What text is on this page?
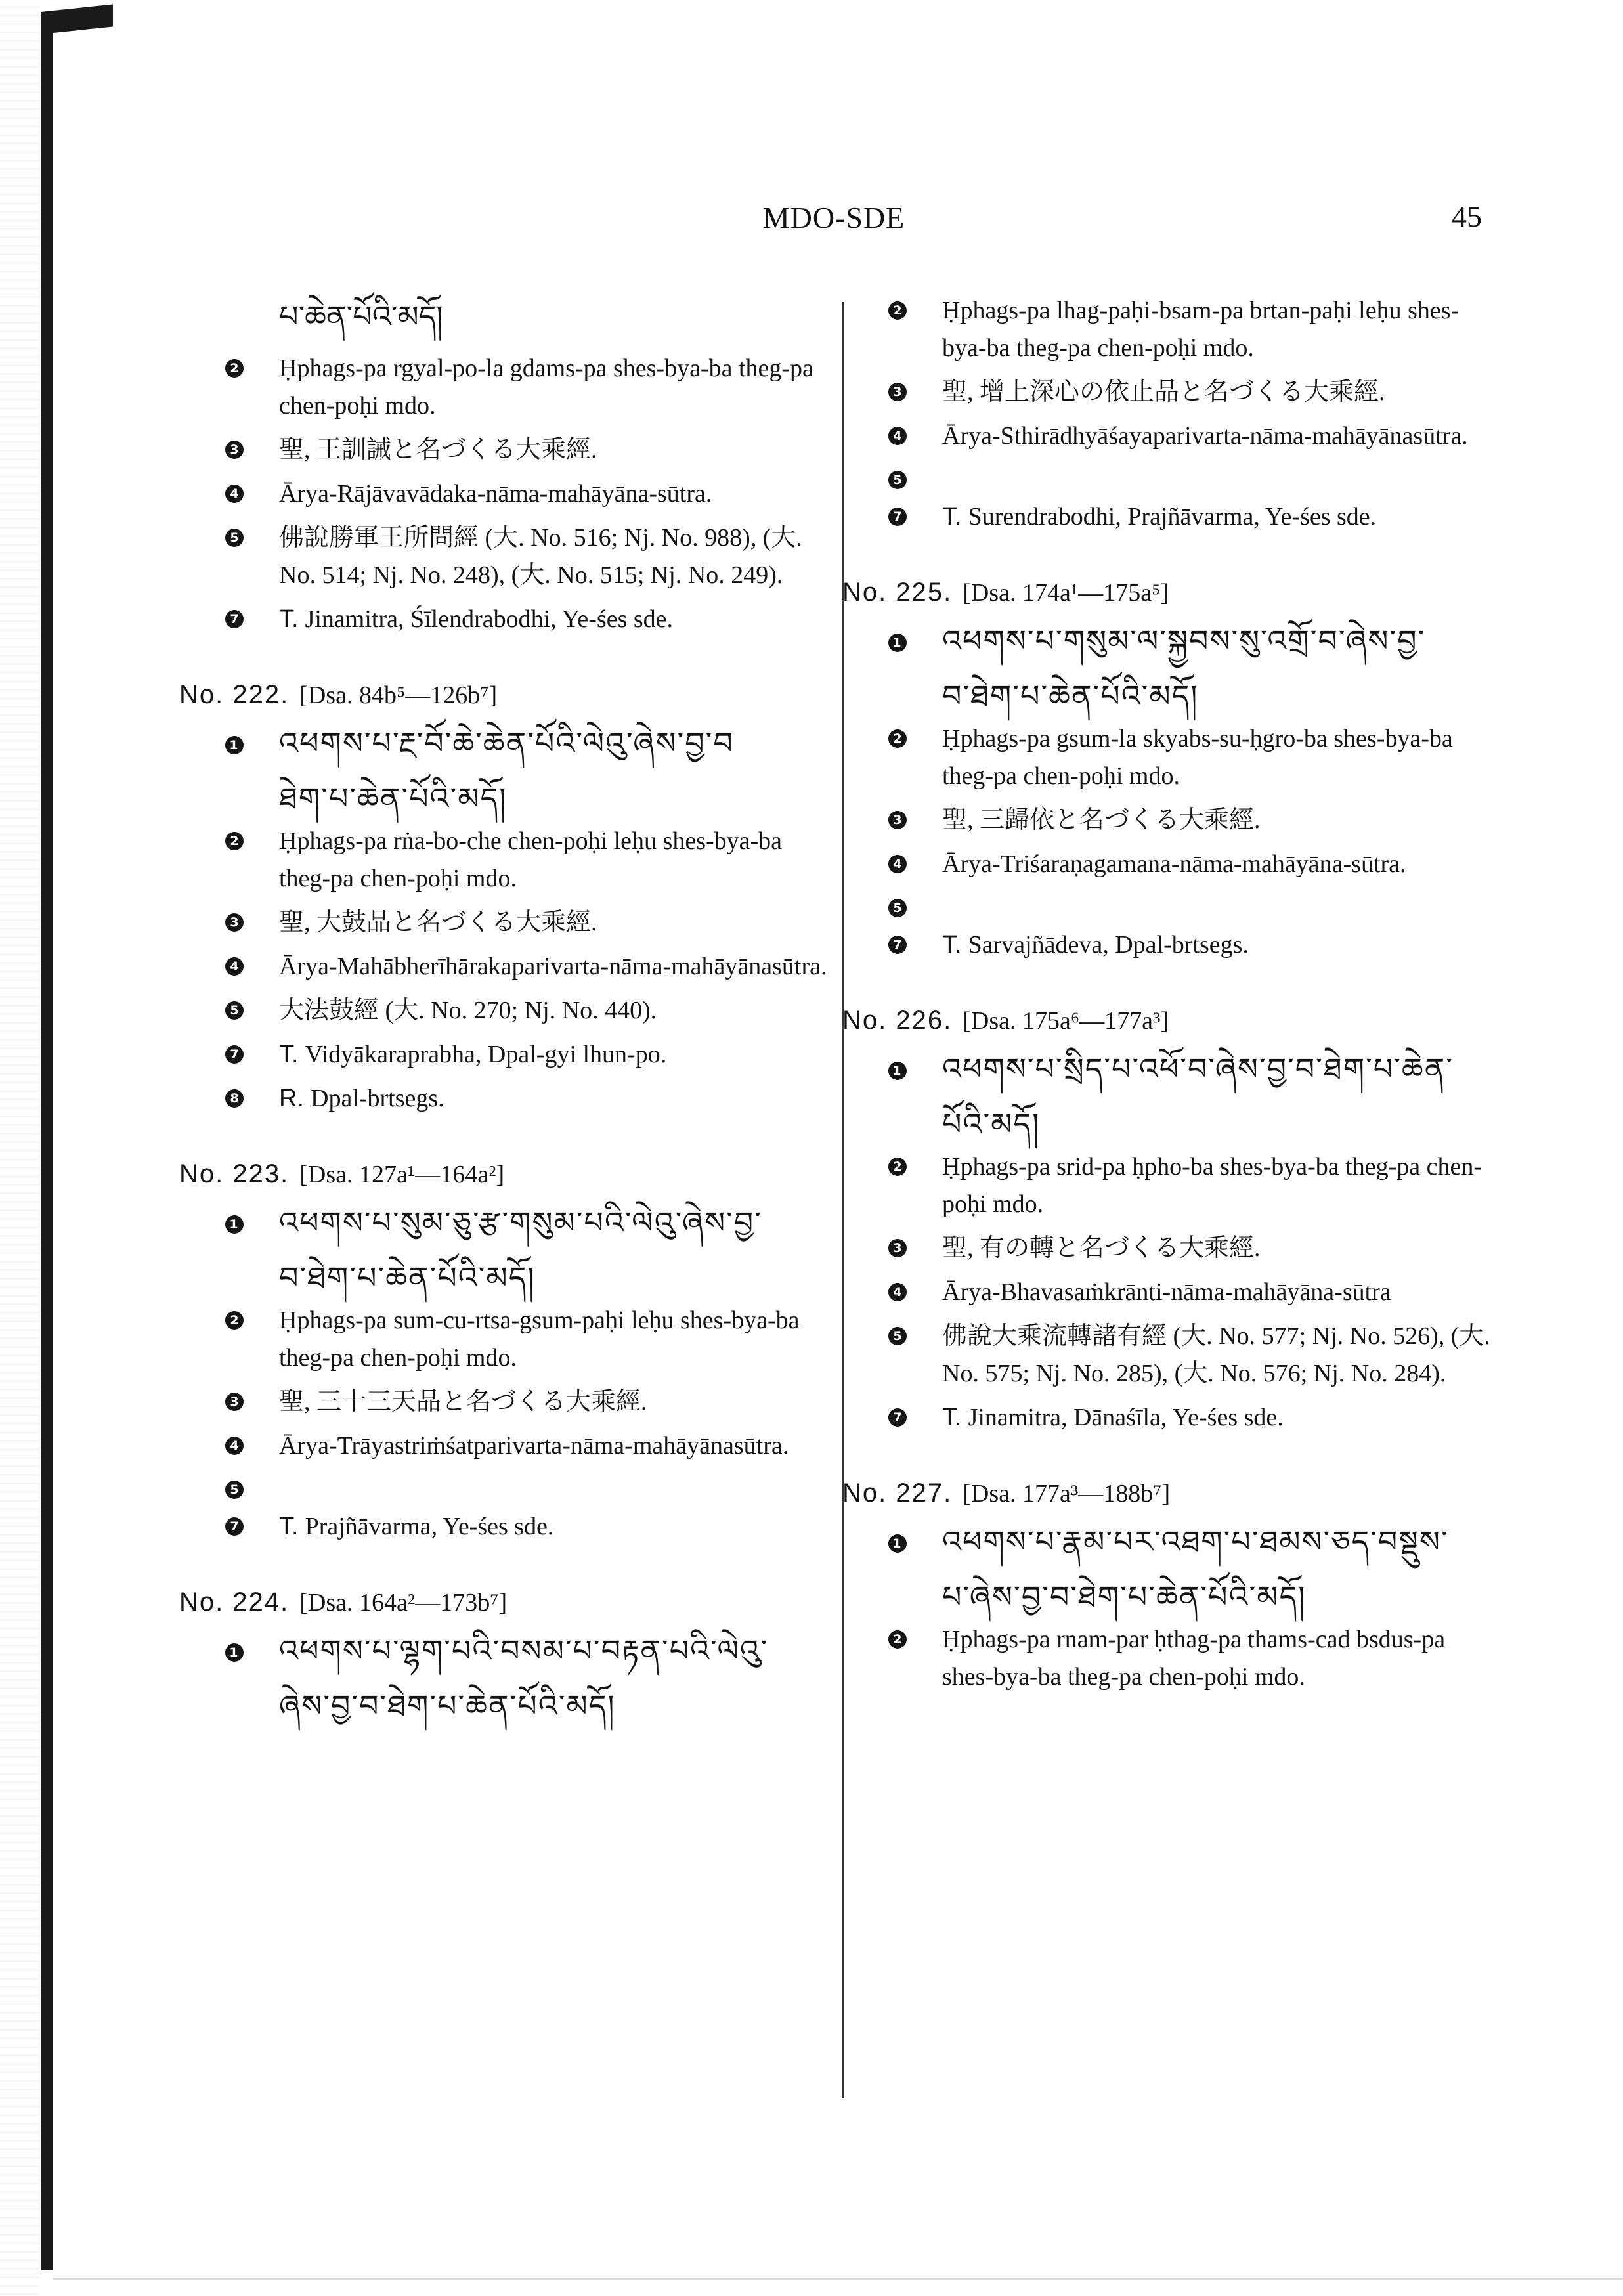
MDO-SDE	45
པ་ཆེན་པོའི་མདོ།
2 Ḥphags-pa rgyal-po-la gdams-pa shes-bya-ba theg-pa chen-poḥi mdo.
3 聖, 王訓誡と名づくる大乘經.
4 Ārya-Rājāvavādaka-nāma-mahāyāna-sūtra.
5 佛說勝軍王所問經 (大. No. 516; Nj. No. 988), (大. No. 514; Nj. No. 248), (大. No. 515; Nj. No. 249).
7 T. Jinamitra, Śīlendrabodhi, Ye-śes sde.
No. 222. [Dsa. 84b⁵—126b⁷]
1 འཕགས་པ་རྔ་བོ་ཆེ་ཆེན་པོའི་ལེའུ་ཞེས་བྱ་བ
ཐེག་པ་ཆེན་པོའི་མདོ།
2 Ḥphags-pa rṅa-bo-che chen-poḥi leḥu shes-bya-ba theg-pa chen-poḥi mdo.
3 聖, 大鼓品と名づくる大乘經.
4 Ārya-Mahābherīhārakaparivarta-nāma-mahāyānasūtra.
5 大法鼓經 (大. No. 270; Nj. No. 440).
7 T. Vidyākaraprabha, Dpal-gyi lhun-po.
8 R. Dpal-brtsegs.
No. 223. [Dsa. 127a¹—164a²]
1 འཕགས་པ་སུམ་ཅུ་རྩ་གསུམ་པའི་ལེའུ་ཞེས་བྱ་
བ་ཐེག་པ་ཆེན་པོའི་མདོ།
2 Ḥphags-pa sum-cu-rtsa-gsum-paḥi leḥu shes-bya-ba theg-pa chen-poḥi mdo.
3 聖, 三十三天品と名づくる大乘經.
4 Ārya-Trāyastriṁśatparivarta-nāma-mahāyānasūtra.
5
7 T. Prajñāvarma, Ye-śes sde.
No. 224. [Dsa. 164a²—173b⁷]
1 འཕགས་པ་ལྷག་པའི་བསམ་པ་བརྟན་པའི་ལེའུ་
ཞེས་བྱ་བ་ཐེག་པ་ཆེན་པོའི་མདོ།
2 Ḥphags-pa lhag-paḥi-bsam-pa brtan-paḥi leḥu shes-bya-ba theg-pa chen-poḥi mdo.
3 聖, 增上深心の依止品と名づくる大乘經.
4 Ārya-Sthirādhyāśayaparivarta-nāma-mahāyānasūtra.
5
7 T. Surendrabodhi, Prajñāvarma, Ye-śes sde.
No. 225. [Dsa. 174a¹—175a⁵]
1 འཕགས་པ་གསུམ་ལ་སྐྱབས་སུ་འགྲོ་བ་ཞེས་བྱ་
བ་ཐེག་པ་ཆེན་པོའི་མདོ།
2 Ḥphags-pa gsum-la skyabs-su-ḥgro-ba shes-bya-ba theg-pa chen-poḥi mdo.
3 聖, 三歸依と名づくる大乘經.
4 Ārya-Triśaraṇagamana-nāma-mahāyāna-sūtra.
5
7 T. Sarvajñādeva, Dpal-brtsegs.
No. 226. [Dsa. 175a⁶—177a³]
1 འཕགས་པ་སྲིད་པ་འཕོ་བ་ཞེས་བྱ་བ་ཐེག་པ་ཆེན་
པོའི་མདོ།
2 Ḥphags-pa srid-pa ḥpho-ba shes-bya-ba theg-pa chen-poḥi mdo.
3 聖, 有の轉と名づくる大乘經.
4 Ārya-Bhavasaṁkrānti-nāma-mahāyāna-sūtra
5 佛說大乘流轉諸有經 (大. No. 577; Nj. No. 526), (大. No. 575; Nj. No. 285), (大. No. 576; Nj. No. 284).
7 T. Jinamitra, Dānaśīla, Ye-śes sde.
No. 227. [Dsa. 177a³—188b⁷]
1 འཕགས་པ་རྣམ་པར་འཐག་པ་ཐམས་ཅད་བསྡུས་
པ་ཞེས་བྱ་བ་ཐེག་པ་ཆེན་པོའི་མདོ།
2 Ḥphags-pa rnam-par ḥthag-pa thams-cad bsdus-pa shes-bya-ba theg-pa chen-poḥi mdo.
